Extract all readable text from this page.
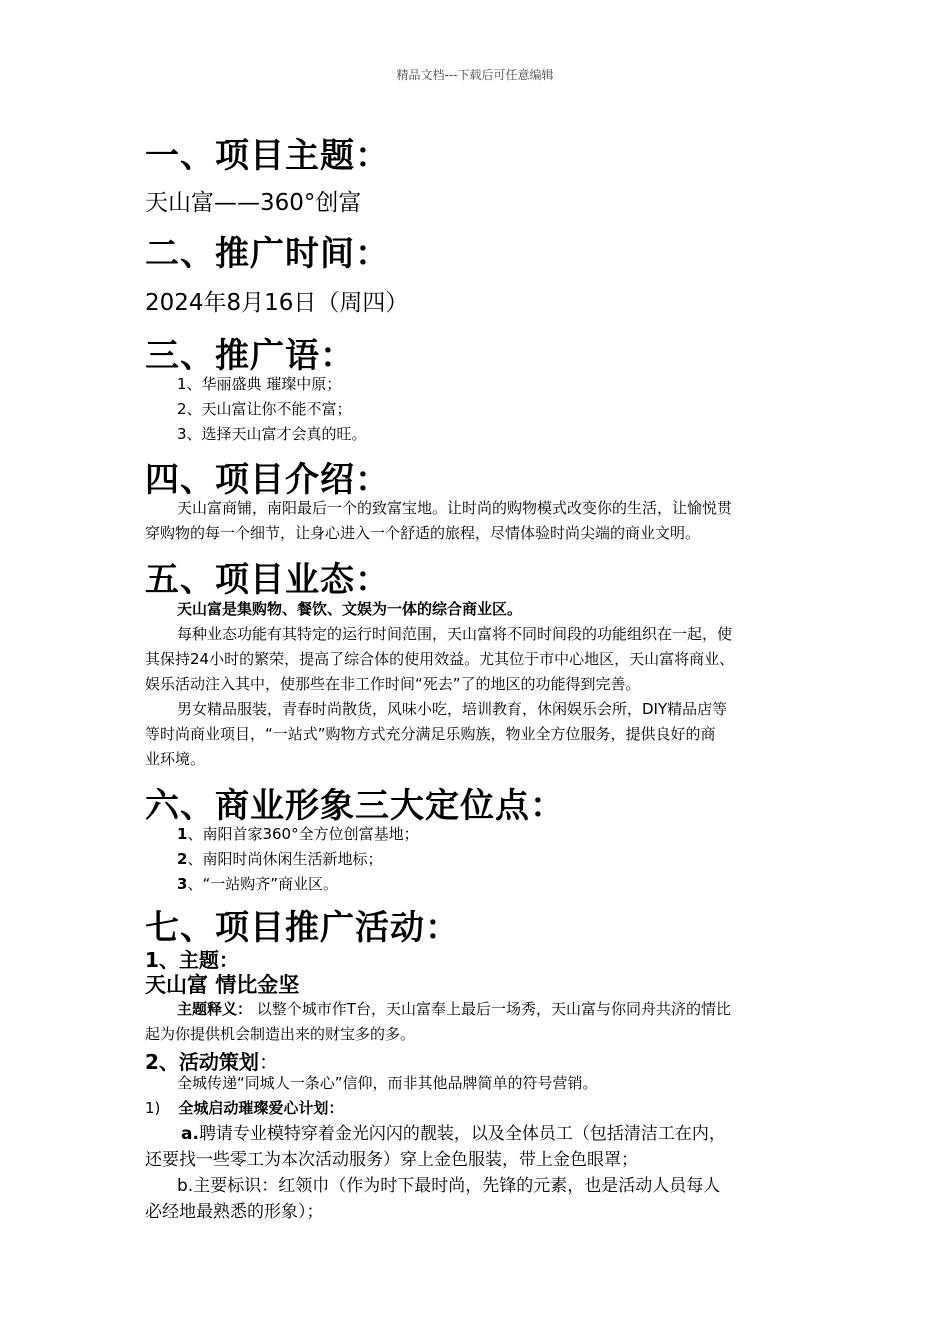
精品文档---下载后可任意编辑
一、项目主题：
天山富——360°创富
二、推广时间：
2024年8月16日（周四）
三、推广语：
1、华丽盛典 璀璨中原；
2、天山富让你不能不富；
3、选择天山富才会真的旺。
四、项目介绍：
天山富商铺，南阳最后一个的致富宝地。让时尚的购物模式改变你的生活，让愉悦贯
穿购物的每一个细节，让身心进入一个舒适的旅程，尽情体验时尚尖端的商业文明。
五、项目业态：
天山富是集购物、餐饮、文娱为一体的综合商业区。
每种业态功能有其特定的运行时间范围，天山富将不同时间段的功能组织在一起，使
其保持24小时的繁荣，提高了综合体的使用效益。尤其位于市中心地区，天山富将商业、
娱乐活动注入其中，使那些在非工作时间“死去”了的地区的功能得到完善。
男女精品服装，青春时尚散货，风味小吃，培训教育，休闲娱乐会所，DIY精品店等
等时尚商业项目，“一站式”购物方式充分满足乐购族，物业全方位服务，提供良好的商
业环境。
六、商业形象三大定位点：
1、南阳首家360°全方位创富基地；
2、南阳时尚休闲生活新地标；
3、“一站购齐”商业区。
七、项目推广活动：
1、主题：
天山富 情比金坚
主题释义： 以整个城市作T台，天山富奉上最后一场秀，天山富与你同舟共济的情比
起为你提供机会制造出来的财宝多的多。
2、活动策划：
全城传递“同城人一条心”信仰，而非其他品牌简单的符号营销。
1) 全城启动璀璨爱心计划：
a.聘请专业模特穿着金光闪闪的靓装，以及全体员工（包括清洁工在内，
还要找一些零工为本次活动服务）穿上金色服装，带上金色眼罩；
b.主要标识：红领巾（作为时下最时尚，先锋的元素，也是活动人员每人
必经地最熟悉的形象）；
